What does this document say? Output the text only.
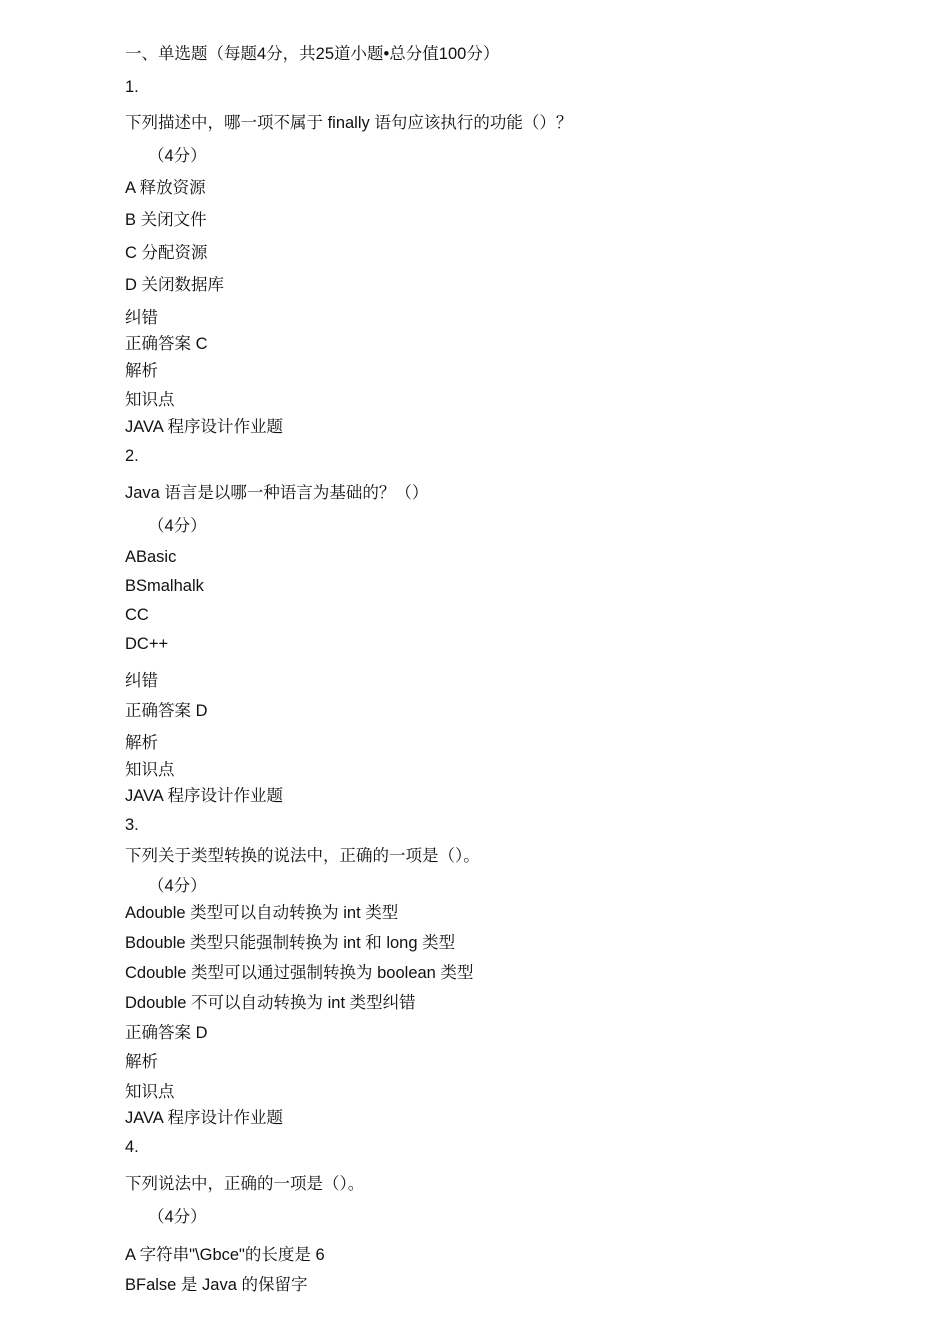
一、单选题（每题4分，共25道小题•总分值100分）
1.
下列描述中，哪一项不属于 finally 语句应该执行的功能（）？
（4分）
A 释放资源
B 关闭文件
C 分配资源
D 关闭数据库
纠错
正确答案 C
解析
知识点
JAVA 程序设计作业题
2.
Java 语言是以哪一种语言为基础的？（）
（4分）
ABasic
BSmalhalk
CC
DC++
纠错
正确答案 D
解析
知识点
JAVA 程序设计作业题
3.
下列关于类型转换的说法中，正确的一项是（）。
（4分）
Adouble 类型可以自动转换为 int 类型
Bdouble 类型只能强制转换为 int 和 long 类型
Cdouble 类型可以通过强制转换为 boolean 类型
Ddouble 不可以自动转换为 int 类型纠错
正确答案 D
解析
知识点
JAVA 程序设计作业题
4.
下列说法中，正确的一项是（）。
（4分）
A 字符串"\Gbce"的长度是 6
BFalse 是 Java 的保留字
